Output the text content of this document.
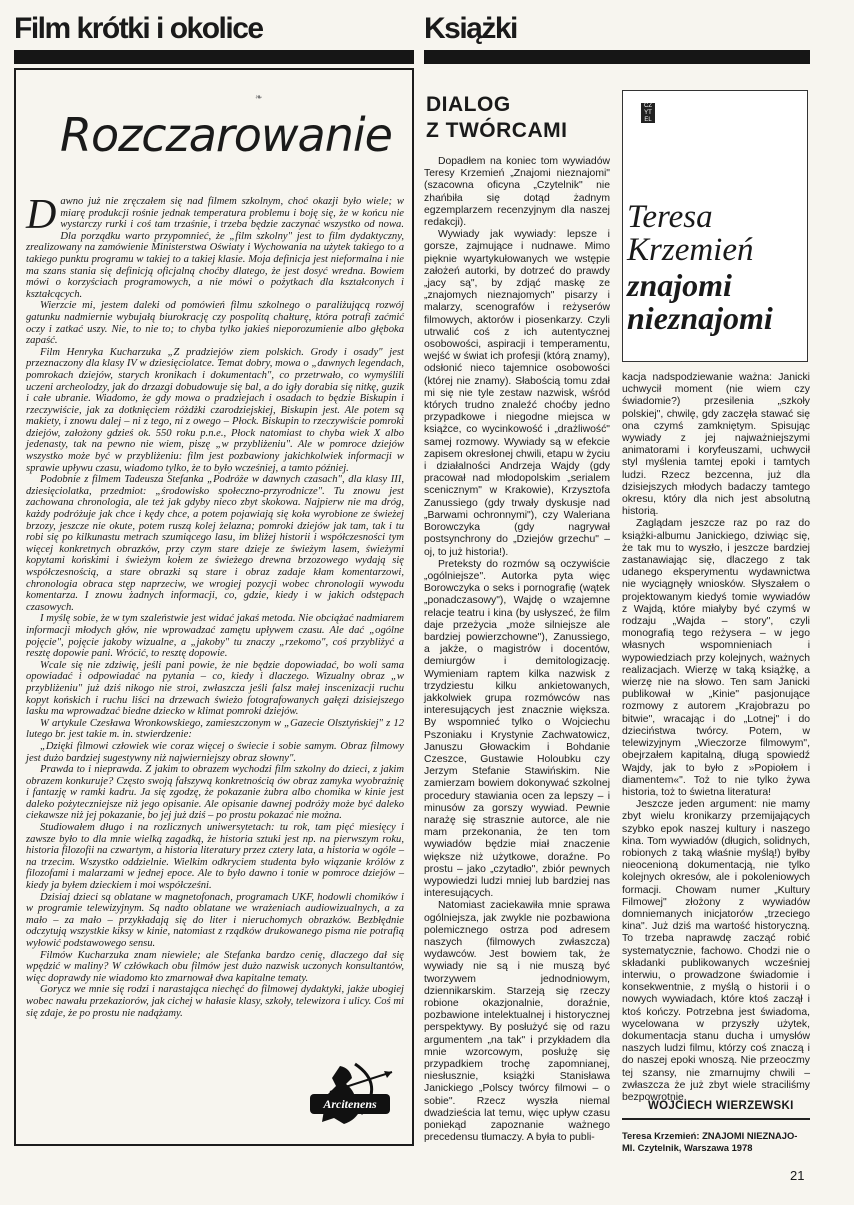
Film krótki i okolice	Książki
❧
Rozczarowanie

Dawno już nie zręczałem się nad filmem szkolnym, choć okazji było wiele; w miarę produkcji rośnie jednak temperatura problemu i boję się, że w końcu nie wystarczy rurki i coś tam trzaśnie, i trzeba będzie zaczynać wszystko od nowa. Dla porządku warto przypomnieć, że „film szkolny" jest to film dydaktyczny, zrealizowany na zamówienie Ministerstwa Oświaty i Wychowania na użytek takiego to a takiego punktu programu w takiej to a takiej klasie. Moja definicja jest nieformalna i nie ma szans stania się definicją oficjalną choćby dlatego, że jest dosyć wredna. Bowiem mówi o korzyściach programowych, a nie mówi o pożytkach dla kształconych i kształcących.

Wierzcie mi, jestem daleki od pomówień filmu szkolnego o paraliżującą rozwój gatunku nadmiernie wybujałą biurokrację czy pospolitą chałturę, która potrafi zaćmić oczy i zatkać uszy. Nie, to nie to; to chyba tylko jakieś nieporozumienie albo głęboka zapaść.

Film Henryka Kucharzuka „Z pradziejów ziem polskich. Grody i osady" jest przeznaczony dla klasy IV w dziesięciolatce. Temat dobry, mowa o „dawnych legendach, pomrokach dziejów, starych kronikach i dokumentach", co przetrwało, co wymyślili uczeni archeolodzy, jak do drzazgi dobudowuje się bal, a do igły dorabia się nitkę, guzik i całe ubranie. Wiadomo, że gdy mowa o pradziejach i osadach to będzie Biskupin i rzeczywiście, jak za dotknięciem różdżki czarodziejskiej, Biskupin jest. Ale potem są makiety, i znowu dalej – ni z tego, ni z owego – Płock. Biskupin to rzeczywiście pomroki dziejów, założony gdzieś ok. 550 roku p.n.e., Płock natomiast to chyba wiek X albo jedenasty, tak na pewno nie wiem, piszę „w przybliżeniu". Ale w pomroce dziejów wszystko może być w przybliżeniu: film jest pozbawiony jakichkolwiek informacji w sprawie upływu czasu, wiadomo tylko, że to było wcześniej, a tamto później.

Podobnie z filmem Tadeusza Stefanka „Podróże w dawnych czasach", dla klasy III, dziesięciolatka, przedmiot: „środowisko społeczno-przyrodnicze". Tu znowu jest zachowana chronologia, ale też jak gdyby nieco zbyt skokowa. Najpierw nie ma dróg, każdy podróżuje jak chce i kędy chce, a potem pojawiają się koła wyrobione ze świeżej brzozy, jeszcze nie okute, potem ruszą kolej żelazna; pomroki dziejów jak tam, tak i tu robi się po kilkunastu metrach szumiącego lasu, im bliżej historii i współczesności tym więcej konkretnych obrazków, przy czym stare dzieje ze świeżym lasem, świeżymi kopytami końskimi i świeżym kołem ze świeżego drewna brzozowego wydają się współczesnością, a stare obrazki są stare i obraz zadaje kłam komentarzowi, chronologia obraca stęp naprzeciw, we wrogiej pozycji wobec chronologii wywodu komentarza. I znowu żadnych informacji, co, gdzie, kiedy i w jakich odstępach czasowych.

I myślę sobie, że w tym szaleństwie jest widać jakaś metoda. Nie obciążać nadmiarem informacji młodych głów, nie wprowadzać zamętu upływem czasu. Ale dać „ogólne pojęcie", pojęcie jakoby wizualne, a „jakoby" tu znaczy „rzekomo", coś przybliżyć a resztę dopowie pani. Wrócić, to resztę dopowie.

Wcale się nie zdziwię, jeśli pani powie, że nie będzie dopowiadać, bo woli sama opowiadać i odpowiadać na pytania – co, kiedy i dlaczego. Wizualny obraz „w przybliżeniu" już dziś nikogo nie stroi, zwłaszcza jeśli falsz małej inscenizacji ruchu kopyt końskich i ruchu liści na drzewach świeżo fotografowanych gałęzi dzisiejszego lasku ma wprowadzać biedne dziecko w klimat pomroki dziejów.

W artykule Czesława Wronkowskiego, zamieszczonym w „Gazecie Olsztyńskiej" z 12 lutego br. jest takie m. in. stwierdzenie:

„Dzięki filmowi człowiek wie coraz więcej o świecie i sobie samym. Obraz filmowy jest dużo bardziej sugestywny niż najwierniejszy obraz słowny".

Prawda to i nieprawda. Z jakim to obrazem wychodzi film szkolny do dzieci, z jakim obrazem konkuruje? Często swoją fałszywą konkretnością ów obraz zamyka wyobraźnię i fantazję w ramki kadru. Ja się zgodzę, że pokazanie żubra albo chomika w kinie jest daleko pożyteczniejsze niż jego opisanie. Ale opisanie dawnej podróży może być daleko ciekawsze niż jej pokazanie, bo jej już dziś – po prostu pokazać nie można.

Studiowałem długo i na rozlicznych uniwersytetach: tu rok, tam pięć miesięcy i zawsze było to dla mnie wielką zagadką, że historia sztuki jest np. na pierwszym roku, historia filozofii na czwartym, a historia literatury przez cztery lata, a historia w ogóle – na trzecim. Wszystko oddzielnie. Wielkim odkryciem studenta było wiązanie królów z filozofami i malarzami w jednej epoce. Ale to było dawno i tonie w pomroce dziejów – kiedy ja byłem dzieckiem i moi współcześni.

Dzisiaj dzieci są oblatane w magnetofonach, programach UKF, hodowli chomików i w programie telewizyjnym. Są nadto oblatane we wrażeniach audiowizualnych, a za mało – za mało – przykładają się do liter i nieruchomych obrazków. Bezbłędnie odczytują wszystkie kiksy w kinie, natomiast z rządków drukowanego pisma nie potrafią wyłowić podstawowego sensu.

Filmów Kucharzuka znam niewiele; ale Stefanka bardzo cenię, dlaczego dał się wpędzić w maliny? W człówkach obu filmów jest dużo nazwisk uczonych konsultantów, więc doprawdy nie wiadomo kto zmarnował dwa kapitalne tematy.

Gorycz we mnie się rodzi i narastająca niechęć do filmowej dydaktyki, jakże ubogiej wobec nawału przekaziorów, jak cichej w hałasie klasy, szkoły, telewizora i ulicy. Coś mi się zdaje, że po prostu nie nadążamy.

Arcitenens
DIALOG
Z TWÓRCAMI

Dopadłem na koniec tom wywiadów Teresy Krzemień „Znajomi nieznajomi" (szacowna oficyna „Czytelnik" nie zhańbiła się dotąd żadnym egzemplarzem recenzyjnym dla naszej redakcji).

Wywiady jak wywiady: lepsze i gorsze, zajmujące i nudnawe. Mimo pięknie wyartykułowanych we wstępie założeń autorki, by dotrzeć do prawdy „jacy są", by zdjąć maskę ze „znajomych nieznajomych" pisarzy i malarzy, scenografów i reżyserów filmowych, aktorów i piosenkarzy. Czyli utrwalić coś z ich autentycznej osobowości, aspiracji i temperamentu, wejść w świat ich profesji (którą znamy), odsłonić nieco tajemnice osobowości (której nie znamy). Słabością tomu zdał mi się nie tyle zestaw nazwisk, wśród których trudno znaleźć choćby jedno przypadkowe i niegodne miejsca w książce, co wycinkowość i „drażliwość" samej rozmowy. Wywiady są w efekcie zapisem okresłonej chwili, etapu w życiu i działalności Andrzeja Wajdy (gdy pracował nad młodopolskim „serialem scenicznym" w Krakowie), Krzysztofa Zanussiego (gdy trwały dyskusje nad „Barwami ochronnymi"), czy Waleriana Borowczyka (gdy nagrywał postsynchrony do „Dziejów grzechu" – oj, to już historia!).

Preteksty do rozmów są oczywiście „ogólniejsze". Autorka pyta więc Borowczyka o seks i pornografię (wątek „ponadczasowy"), Wajdę o wzajemne relacje teatru i kina (by usłyszeć, że film daje przeżycia „może silniejsze ale bardziej powierzchowne"), Zanussiego, a jakże, o magistrów i docentów, demiurgów i demitologizację. Wymieniam raptem kilka nazwisk z trzydziestu kilku ankietowanych, jakkolwiek grupa rozmówców nas interesujących jest znacznie większa. By wspomnieć tylko o Wojciechu Pszoniaku i Krystynie Zachwatowicz, Januszu Głowackim i Bohdanie Czeszce, Gustawie Holoubku czy Jerzym Stefanie Stawińskim. Nie zamierzam bowiem dokonywać szkolnej procedury stawiania ocen za lepszy – i minusów za gorszy wywiad. Pewnie narażę się strasznie autorce, ale nie mam przekonania, że ten tom wywiadów będzie miał znaczenie większe niż użytkowe, doraźne. Po prostu – jako „czytadło", zbiór pewnych wypowiedzi ludzi mniej lub bardziej nas interesujących.

Natomiast zaciekawiła mnie sprawa ogólniejsza, jak zwykle nie pozbawiona polemicznego ostrza pod adresem naszych (filmowych zwłaszcza) wydawców. Jest bowiem tak, że wywiady nie są i nie muszą być tworzywem jednodniowym, dziennikarskim. Starzeją się rzeczy robione okazjonalnie, doraźnie, pozbawione intelektualnej i historycznej perspektywy. By posłużyć się od razu argumentem „na tak" i przykładem dla mnie wzorcowym, posłużę się przypadkiem trochę zapomnianej, niesłusznie, książki Stanisława Janickiego „Polscy twórcy filmowi – o sobie". Rzecz wyszła niemal dwadzieścia lat temu, więc upływ czasu poniekąd zapoznanie ważnego precedensu tłumaczy. A była to publi-

CZ
YT
EL
Teresa
Krzemień
znajomi
nieznajomi

kacja nadspodziewanie ważna: Janicki uchwycił moment (nie wiem czy świadomie?) przesilenia „szkoły polskiej", chwilę, gdy zaczęła stawać się ona czymś zamkniętym. Spisując wywiady z jej najważniejszymi animatorami i koryfeuszami, uchwycił styl myślenia tamtej epoki i tamtych ludzi. Rzecz bezcenna, już dla dzisiejszych młodych badaczy tamtego okresu, który dla nich jest absolutną historią.

Zaglądam jeszcze raz po raz do książki-albumu Janickiego, dziwiąc się, że tak mu to wyszło, i jeszcze bardziej zastanawiając się, dlaczego z tak udanego eksperymentu wydawnictwa nie wyciągnęły wniosków. Słyszałem o projektowanym kiedyś tomie wywiadów z Wajdą, które miałyby być czymś w rodzaju „Wajda – story", czyli monografią tego reżysera – w jego własnych wspomnieniach i wypowiedziach przy kolejnych, ważnych realizacjach. Wierzę w taką książkę, a wierzę nie na słowo. Ten sam Janicki publikował w „Kinie" pasjonujące rozmowy z autorem „Krajobrazu po bitwie", wracając i do „Lotnej" i do dzieciństwa twórcy. Potem, w telewizyjnym „Wieczorze filmowym", obejrzałem kapitalną, długą spowiedź Wajdy, jak to było z »Popiołem i diamentem«". Toż to nie tylko żywa historia, toż to świetna literatura!

Jeszcze jeden argument: nie mamy zbyt wielu kronikarzy przemijających szybko epok naszej kultury i naszego kina. Tom wywiadów (długich, solidnych, robionych z taką właśnie myślą!) byłby nieocenioną dokumentacją, nie tylko kolejnych okresów, ale i pokoleniowych formacji. Chowam numer „Kultury Filmowej" złożony z wywiadów domniemanych inicjatorów „trzeciego kina". Już dziś ma wartość historyczną. To trzeba naprawdę zacząć robić systematycznie, fachowo. Chodzi nie o składanki publikowanych wcześniej interwiu, o prowadzone świadomie i konsekwentnie, z myślą o historii i o nowych wywiadach, które ktoś zaczął i ktoś kończy. Potrzebna jest świadoma, wycelowana w przyszły użytek, dokumentacja stanu ducha i umysłów naszych ludzi filmu, którzy coś znaczą i do naszej epoki wnoszą. Nie przeoczmy tej szansy, nie zmarnujmy chwili – zwłaszcza że już zbyt wiele straciliśmy bezpowrotnie.

WOJCIECH WIERZEWSKI
Teresa Krzemień: ZNAJOMI NIEZNAJO-
MI. Czytelnik, Warszawa 1978
21
